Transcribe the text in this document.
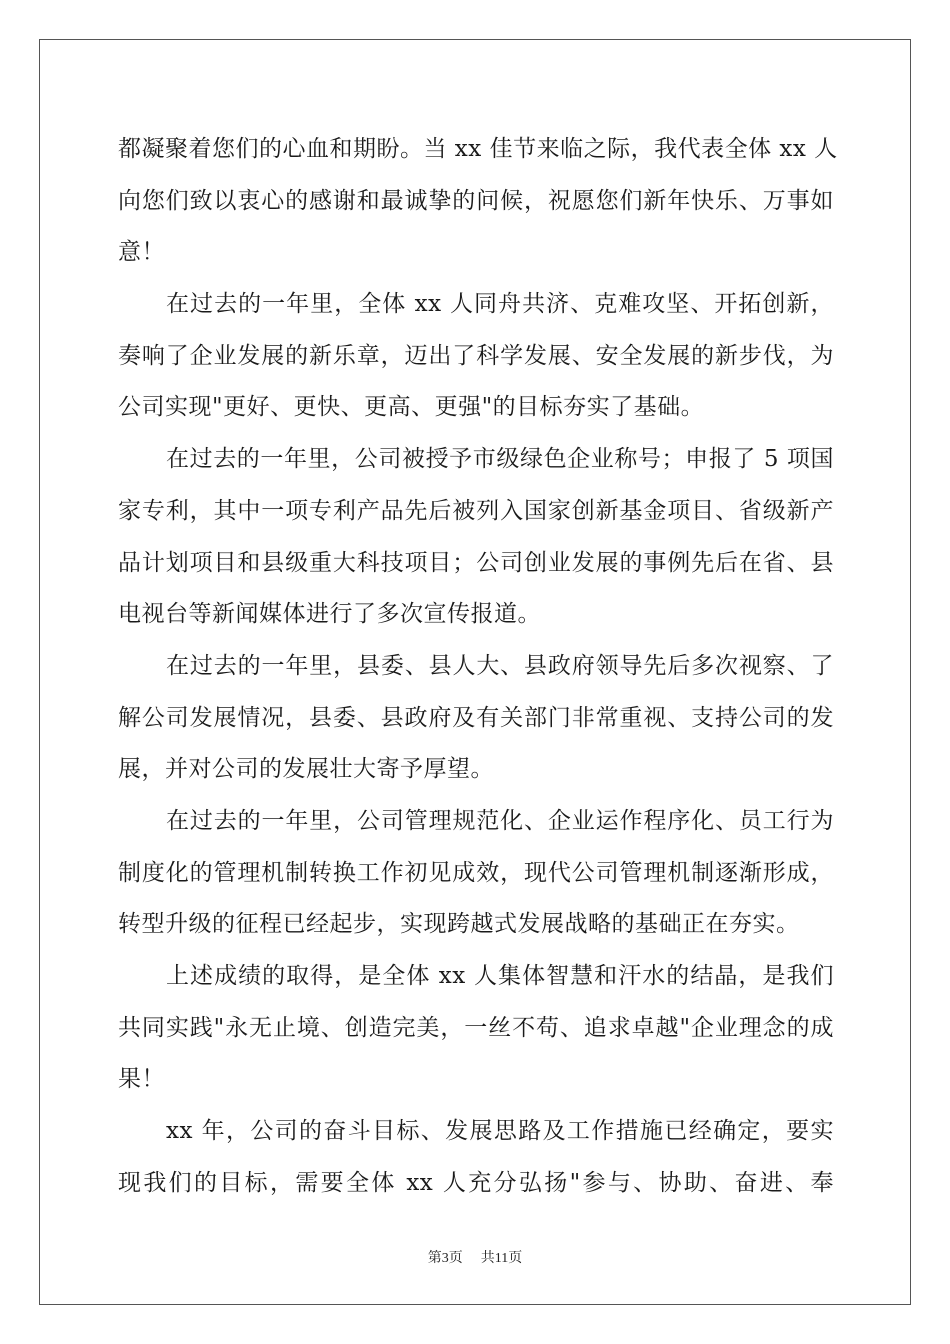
都凝聚着您们的心血和期盼。当 xx 佳节来临之际，我代表全体 xx 人
向您们致以衷心的感谢和最诚挚的问候，祝愿您们新年快乐、万事如
意！
在过去的一年里，全体 xx 人同舟共济、克难攻坚、开拓创新，
奏响了企业发展的新乐章，迈出了科学发展、安全发展的新步伐，为
公司实现"更好、更快、更高、更强"的目标夯实了基础。
在过去的一年里，公司被授予市级绿色企业称号；申报了 5 项国
家专利，其中一项专利产品先后被列入国家创新基金项目、省级新产
品计划项目和县级重大科技项目；公司创业发展的事例先后在省、县
电视台等新闻媒体进行了多次宣传报道。
在过去的一年里，县委、县人大、县政府领导先后多次视察、了
解公司发展情况，县委、县政府及有关部门非常重视、支持公司的发
展，并对公司的发展壮大寄予厚望。
在过去的一年里，公司管理规范化、企业运作程序化、员工行为
制度化的管理机制转换工作初见成效，现代公司管理机制逐渐形成，
转型升级的征程已经起步，实现跨越式发展战略的基础正在夯实。
上述成绩的取得，是全体 xx 人集体智慧和汗水的结晶，是我们
共同实践"永无止境、创造完美，一丝不苟、追求卓越"企业理念的成
果！
xx 年，公司的奋斗目标、发展思路及工作措施已经确定，要实
现我们的目标，需要全体 xx 人充分弘扬"参与、协助、奋进、奉
第3页 共11页
